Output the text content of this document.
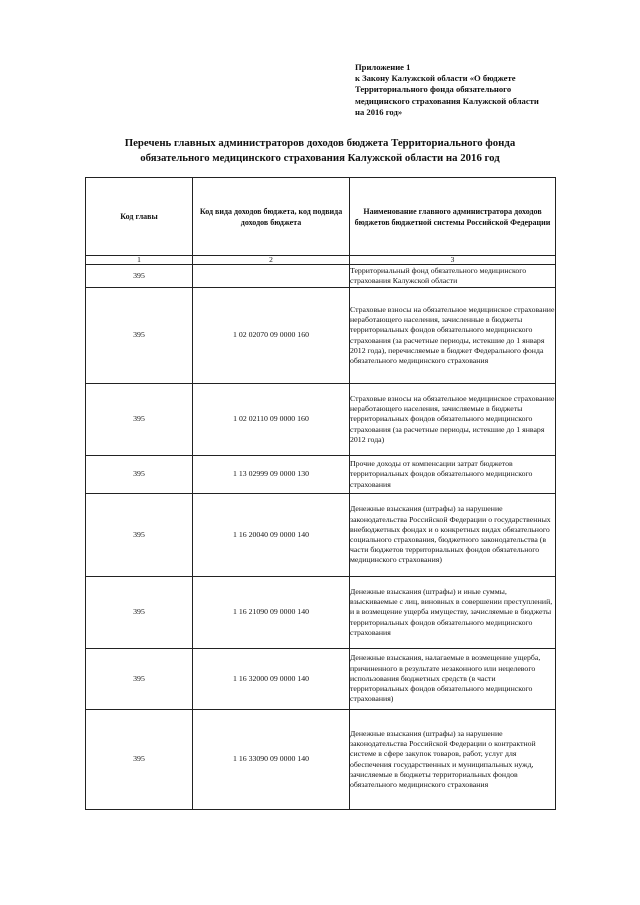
Приложение 1
к Закону Калужской области «О бюджете
Территориального фонда обязательного
медицинского страхования Калужской области
на 2016 год»
Перечень главных администраторов доходов бюджета Территориального фонда
обязательного медицинского страхования Калужской области на 2016 год
Код главы	Код вида доходов бюджета, код подвида доходов бюджета	Наименование главного администратора доходов бюджетов бюджетной системы Российской Федерации
1	2	3
395		Территориальный фонд обязательного медицинского страхования Калужской области
395	1 02 02070 09 0000 160	Страховые взносы на обязательное медицинское страхование неработающего населения, зачисленные в бюджеты территориальных фондов обязательного медицинского страхования (за расчетные периоды, истекшие до 1 января 2012 года), перечисляемые в бюджет Федерального фонда обязательного медицинского страхования
395	1 02 02110 09 0000 160	Страховые взносы на обязательное медицинское страхование неработающего населения, зачисляемые в бюджеты территориальных фондов обязательного медицинского страхования (за расчетные периоды, истекшие до 1 января 2012 года)
395	1 13 02999 09 0000 130	Прочие доходы от компенсации затрат бюджетов территориальных фондов обязательного медицинского страхования
395	1 16 20040 09 0000 140	Денежные взыскания (штрафы) за нарушение законодательства Российской Федерации о государственных внебюджетных фондах и о конкретных видах обязательного социального страхования, бюджетного законодательства (в части бюджетов территориальных фондов обязательного медицинского страхования)
395	1 16 21090 09 0000 140	Денежные взыскания (штрафы) и иные суммы, взыскиваемые с лиц, виновных в совершении преступлений, и в возмещение ущерба имуществу, зачисляемые в бюджеты территориальных фондов обязательного медицинского страхования
395	1 16 32000 09 0000 140	Денежные взыскания, налагаемые в возмещение ущерба, причиненного в результате незаконного или нецелевого использования бюджетных средств (в части территориальных фондов обязательного медицинского страхования)
395	1 16 33090 09 0000 140	Денежные взыскания (штрафы) за нарушение законодательства Российской Федерации о контрактной системе в сфере закупок товаров, работ, услуг для обеспечения государственных и муниципальных нужд, зачисляемые в бюджеты территориальных фондов обязательного медицинского страхования
